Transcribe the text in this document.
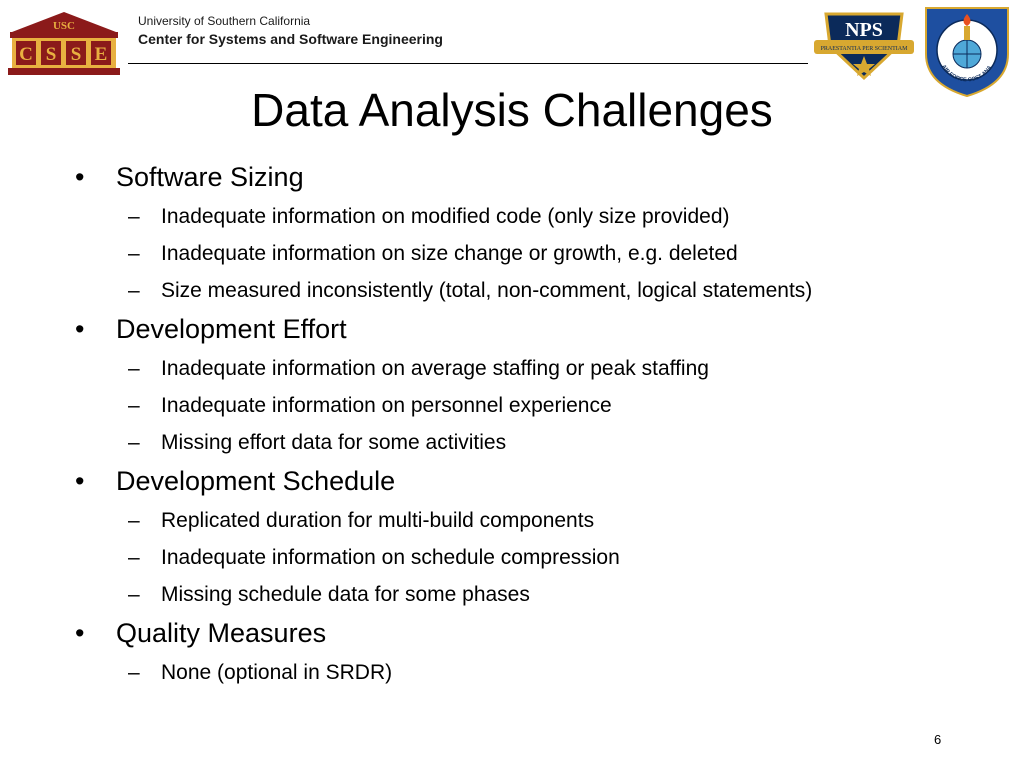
USC
C S S E
University of Southern California
Center for Systems and Software Engineering
PRAESTANTIA PER SCIENTIAM
NPS
AIR FORCE COST ANA
Data Analysis Challenges
• Software Sizing
– Inadequate information on modified code (only size provided)
– Inadequate information on size change or growth, e.g. deleted
– Size measured inconsistently (total, non-comment, logical statements)
• Development Effort
– Inadequate information on average staffing or peak staffing
– Inadequate information on personnel experience
– Missing effort data for some activities
• Development Schedule
– Replicated duration for multi-build components
– Inadequate information on schedule compression
– Missing schedule data for some phases
• Quality Measures
– None (optional in SRDR)
6
